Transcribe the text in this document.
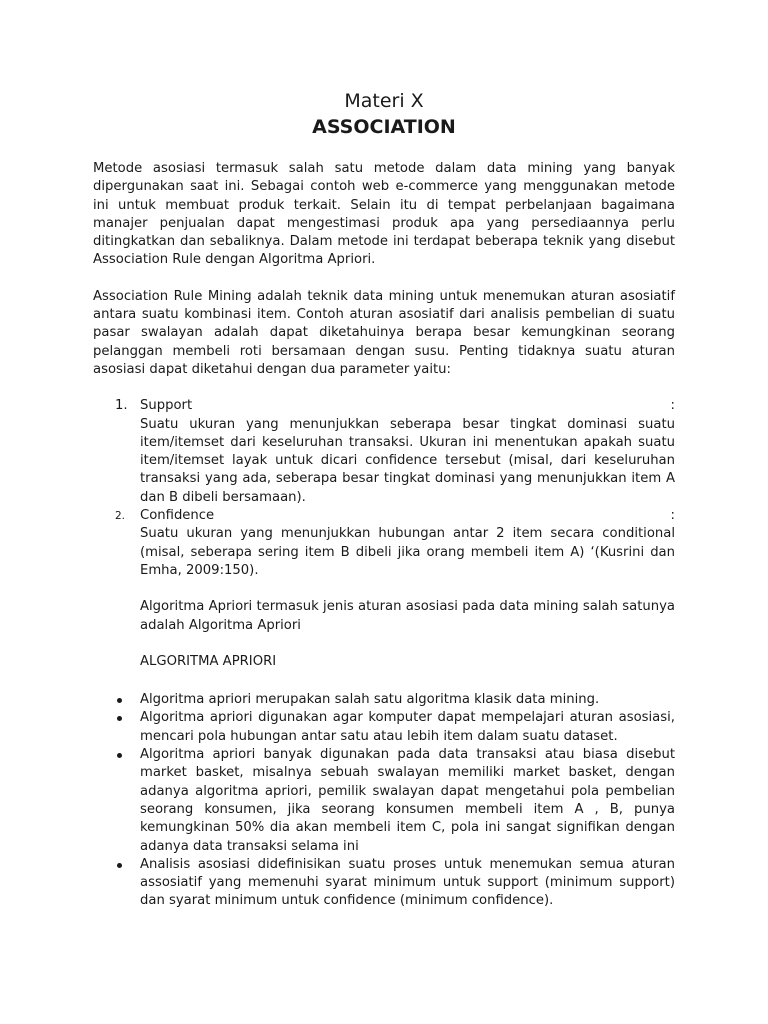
Materi X
ASSOCIATION

Metode asosiasi termasuk salah satu metode dalam data mining yang banyak dipergunakan saat ini. Sebagai contoh web e-commerce yang menggunakan metode ini untuk membuat produk terkait. Selain itu di tempat perbelanjaan bagaimana manajer penjualan dapat mengestimasi produk apa yang persediaannya perlu ditingkatkan dan sebaliknya. Dalam metode ini terdapat beberapa teknik yang disebut Association Rule dengan Algoritma Apriori.

Association Rule Mining adalah teknik data mining untuk menemukan aturan asosiatif antara suatu kombinasi item. Contoh aturan asosiatif dari analisis pembelian di suatu pasar swalayan adalah dapat diketahuinya berapa besar kemungkinan seorang pelanggan membeli roti bersamaan dengan susu. Penting tidaknya suatu aturan asosiasi dapat diketahui dengan dua parameter yaitu:

1. Support	:
Suatu ukuran yang menunjukkan seberapa besar tingkat dominasi suatu item/itemset dari keseluruhan transaksi. Ukuran ini menentukan apakah suatu item/itemset layak untuk dicari confidence tersebut (misal, dari keseluruhan transaksi yang ada, seberapa besar tingkat dominasi yang menunjukkan item A dan B dibeli bersamaan).
2. Confidence	:
Suatu ukuran yang menunjukkan hubungan antar 2 item secara conditional (misal, seberapa sering item B dibeli jika orang membeli item A) ‘(Kusrini dan Emha, 2009:150).
Algoritma Apriori termasuk jenis aturan asosiasi pada data mining salah satunya adalah Algoritma Apriori
ALGORITMA APRIORI
Algoritma apriori merupakan salah satu algoritma klasik data mining.
Algoritma apriori digunakan agar komputer dapat mempelajari aturan asosiasi, mencari pola hubungan antar satu atau lebih item dalam suatu dataset.
Algoritma apriori banyak digunakan pada data transaksi atau biasa disebut market basket, misalnya sebuah swalayan memiliki market basket, dengan adanya algoritma apriori, pemilik swalayan dapat mengetahui pola pembelian seorang konsumen, jika seorang konsumen membeli item A , B, punya kemungkinan 50% dia akan membeli item C, pola ini sangat signifikan dengan adanya data transaksi selama ini
Analisis asosiasi didefinisikan suatu proses untuk menemukan semua aturan assosiatif yang memenuhi syarat minimum untuk support (minimum support) dan syarat minimum untuk confidence (minimum confidence).
